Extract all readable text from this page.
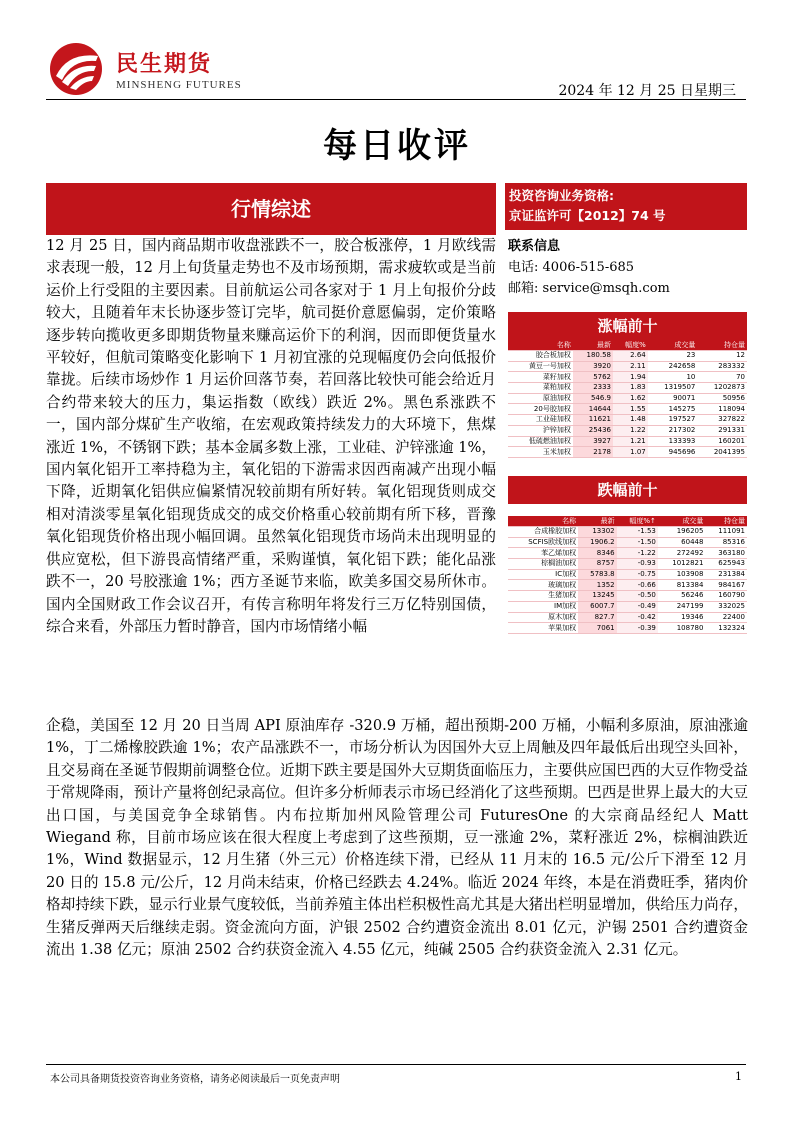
民生期货
MINSHENG FUTURES	2024 年 12 月 25 日星期三
每日收评
行情综述
投资咨询业务资格:
京证监许可【2012】74 号
联系信息
电话: 4006-515-685
邮箱: service@msqh.com
涨幅前十
名称	最新	幅度%	成交量	持仓量
胶合板加权	180.58	2.64	23	12
黄豆一号加权	3920	2.11	242658	283332
菜籽加权	5762	1.94	10	70
菜粕加权	2333	1.83	1319507	1202873
原油加权	546.9	1.62	90071	50956
20号胶加权	14644	1.55	145275	118094
工业硅加权	11621	1.48	197527	327822
沪锌加权	25436	1.22	217302	291331
低硫燃油加权	3927	1.21	133393	160201
玉米加权	2178	1.07	945696	2041395
跌幅前十
名称	最新	幅度%↑	成交量	持仓量
合成橡胶加权	13302	-1.53	196205	111091
SCFIS欧线加权	1906.2	-1.50	60448	85316
苯乙烯加权	8346	-1.22	272492	363180
棕榈油加权	8757	-0.93	1012821	625943
IC加权	5783.8	-0.75	103908	231384
玻璃加权	1352	-0.66	813384	984167
生猪加权	13245	-0.50	56246	160790
IM加权	6007.7	-0.49	247199	332025
原木加权	827.7	-0.42	19346	22400
苹果加权	7061	-0.39	108780	132324

12 月 25 日，国内商品期市收盘涨跌不一，胶合板涨停，1 月欧线需求表现一般，12 月上旬货量走势也不及市场预期，需求疲软或是当前运价上行受阻的主要因素。目前航运公司各家对于 1 月上旬报价分歧较大，且随着年末长协逐步签订完毕，航司挺价意愿偏弱，定价策略逐步转向揽收更多即期货物量来赚高运价下的利润，因而即便货量水平较好，但航司策略变化影响下 1 月初宜涨的兑现幅度仍会向低报价靠拢。后续市场炒作 1 月运价回落节奏，若回落比较快可能会给近月合约带来较大的压力，集运指数（欧线）跌近 2%。黑色系涨跌不一，国内部分煤矿生产收缩，在宏观政策持续发力的大环境下，焦煤涨近 1%，不锈钢下跌；基本金属多数上涨，工业硅、沪锌涨逾 1%，国内氧化铝开工率持稳为主，氧化铝的下游需求因西南减产出现小幅下降，近期氧化铝供应偏紧情况较前期有所好转。氧化铝现货则成交相对清淡零星氧化铝现货成交的成交价格重心较前期有所下移，晋豫氧化铝现货价格出现小幅回调。虽然氧化铝现货市场尚未出现明显的供应宽松，但下游畏高情绪严重，采购谨慎，氧化铝下跌；能化品涨跌不一，20 号胶涨逾 1%；西方圣诞节来临，欧美多国交易所休市。国内全国财政工作会议召开，有传言称明年将发行三万亿特别国债，综合来看，外部压力暂时静音，国内市场情绪小幅

企稳，美国至 12 月 20 日当周 API 原油库存 -320.9 万桶，超出预期-200 万桶，小幅利多原油，原油涨逾 1%，丁二烯橡胶跌逾 1%；农产品涨跌不一，市场分析认为因国外大豆上周触及四年最低后出现空头回补，且交易商在圣诞节假期前调整仓位。近期下跌主要是国外大豆期货面临压力，主要供应国巴西的大豆作物受益于常规降雨，预计产量将创纪录高位。但许多分析师表示市场已经消化了这些预期。巴西是世界上最大的大豆出口国，与美国竞争全球销售。内布拉斯加州风险管理公司 FuturesOne 的大宗商品经纪人 Matt Wiegand 称，目前市场应该在很大程度上考虑到了这些预期，豆一涨逾 2%，菜籽涨近 2%，棕榈油跌近 1%，Wind 数据显示，12 月生猪（外三元）价格连续下滑，已经从 11 月末的 16.5 元/公斤下滑至 12 月 20 日的 15.8 元/公斤，12 月尚未结束，价格已经跌去 4.24%。临近 2024 年终，本是在消费旺季，猪肉价格却持续下跌，显示行业景气度较低，当前养殖主体出栏积极性高尤其是大猪出栏明显增加，供给压力尚存，生猪反弹两天后继续走弱。资金流向方面，沪银 2502 合约遭资金流出 8.01 亿元，沪锡 2501 合约遭资金流出 1.38 亿元；原油 2502 合约获资金流入 4.55 亿元，纯碱 2505 合约获资金流入 2.31 亿元。

本公司具备期货投资咨询业务资格，请务必阅读最后一页免责声明	1
